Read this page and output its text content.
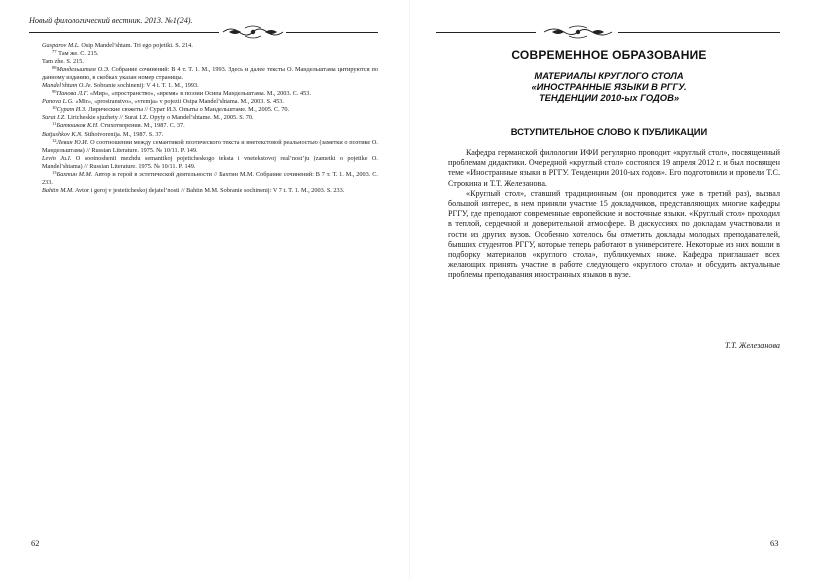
Новый филологический вестник. 2013. №1(24).

Gasparov M.L. Osip Mandel’shtam. Tri ego pojetiki. S. 214.

$^{77}$ Там же. С. 215.

Tam zhe. S. 215.

$^{88}$Мандельштам О.Э. Собрание сочинений: В 4 т. Т. 1. М., 1993. Здесь и далее тексты О. Мандельштама цитируются по данному изданию, в скобках указан номер страницы.

Mandel’shtam O.Je. Sobranie sochinenij: V 4 t. T. 1. M., 1993.

$^{99}$Панова Л.Г. «Мир», «пространство», «время» в поэзии Осипа Мандельштама. М., 2003. С. 453.

Panova L.G. «Mir», «prostranstvo», «vremja» v pojezii Osipa Mandel’shtama. M., 2003. S. 453.

$^{10}$Сурат И.З. Лирические сюжеты // Сурат И.З. Опыты о Мандельштаме. М., 2005. С. 70.

Surat I.Z. Liricheskie sjuzhety // Surat I.Z. Opyty o Mandel’shtame. M., 2005. S. 70.

$^{11}$Батюшков К.Н. Стихотворения. М., 1987. С. 37.

Batjushkov K.N. Stihotvorenija. M., 1987. S. 37.

$^{12}$Левин Ю.И. О соотношении между семантикой поэтического текста и внетекстовой реальностью (заметки о поэтике О. Мандельштама) // Russian Literature. 1975. № 10/11. P. 149.

Levin Ju.I. O sootnoshenii mezhdu semantikoj pojeticheskogo teksta i vnetekstovoj real’nost’ju (zametki o pojetike O. Mandel’shtama) // Russian Literature. 1975. № 10/11. P. 149.

$^{13}$Бахтин М.М. Автор и герой в эстетической деятельности // Бахтин М.М. Собрание сочинений: В 7 т. Т. 1. М., 2003. С. 233.

Bahtin M.M. Avtor i geroj v jesteticheskoj dejatel’nosti // Bahtin M.M. Sobranie sochinenij: V 7 t. T. 1. M., 2003. S. 233.

62
СОВРЕМЕННОЕ ОБРАЗОВАНИЕ
МАТЕРИАЛЫ КРУГЛОГО СТОЛА
«ИНОСТРАННЫЕ ЯЗЫКИ В РГГУ.
ТЕНДЕНЦИИ 2010-ых ГОДОВ»
ВСТУПИТЕЛЬНОЕ СЛОВО К ПУБЛИКАЦИИ

Кафедра германской филологии ИФИ регулярно проводит «круглый стол», посвященный проблемам дидактики. Очередной «круглый стол» состоялся 19 апреля 2012 г. и был посвящен теме «Иностранные языки в РГГУ. Тенденции 2010-ых годов». Его подготовили и провели Т.С. Строкина и Т.Т. Железанова.

«Круглый стол», ставший традиционным (он проводится уже в третий раз), вызвал большой интерес, в нем приняли участие 15 докладчиков, представляющих многие кафедры РГГУ, где преподают современные европейские и восточные языки. «Круглый стол» проходил в теплой, сердечной и доверительной атмосфере. В дискуссиях по докладам участвовали и гости из других вузов. Особенно хотелось бы отметить доклады молодых преподавателей, бывших студентов РГГУ, которые теперь работают в университете. Некоторые из них вошли в подборку материалов «круглого стола», публикуемых ниже. Кафедра приглашает всех желающих принять участие в работе следующего «круглого стола» и обсудить актуальные проблемы преподавания иностранных языков в вузе.

Т.Т. Железанова
63
